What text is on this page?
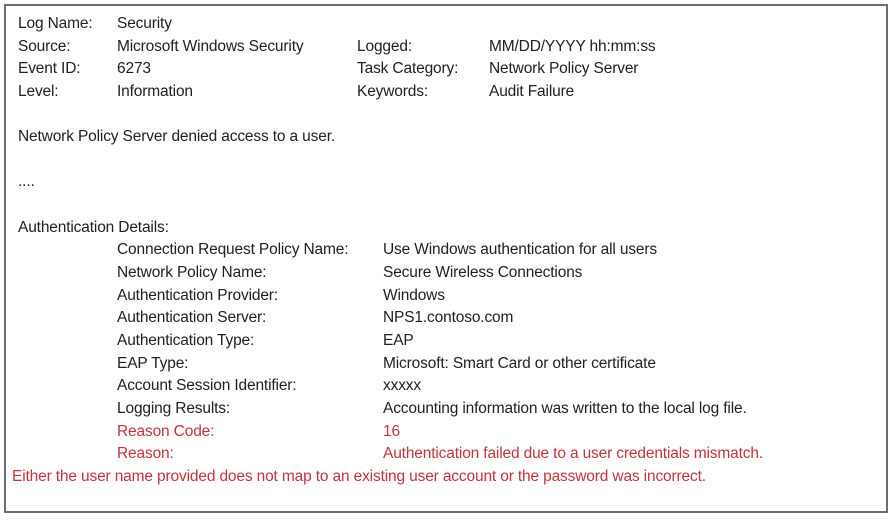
Log Name: Security
Source:	Microsoft Windows Security	Logged:	MM/DD/YYYY hh:mm:ss
Event ID: 6273	Task Category: Network Policy Server
Level:	Information	Keywords:	Audit Failure
Network Policy Server denied access to a user.
....
Authentication Details:
Connection Request Policy Name: Use Windows authentication for all users
Network Policy Name:	Secure Wireless Connections
Authentication Provider:	Windows
Authentication Server:	NPS1.contoso.com
Authentication Type:	EAP
EAP Type:	Microsoft: Smart Card or other certificate
Account Session Identifier:	xxxxx
Logging Results:	Accounting information was written to the local log file.
Reason Code:	16
Reason:	Authentication failed due to a user credentials mismatch.
Either the user name provided does not map to an existing user account or the password was incorrect.
